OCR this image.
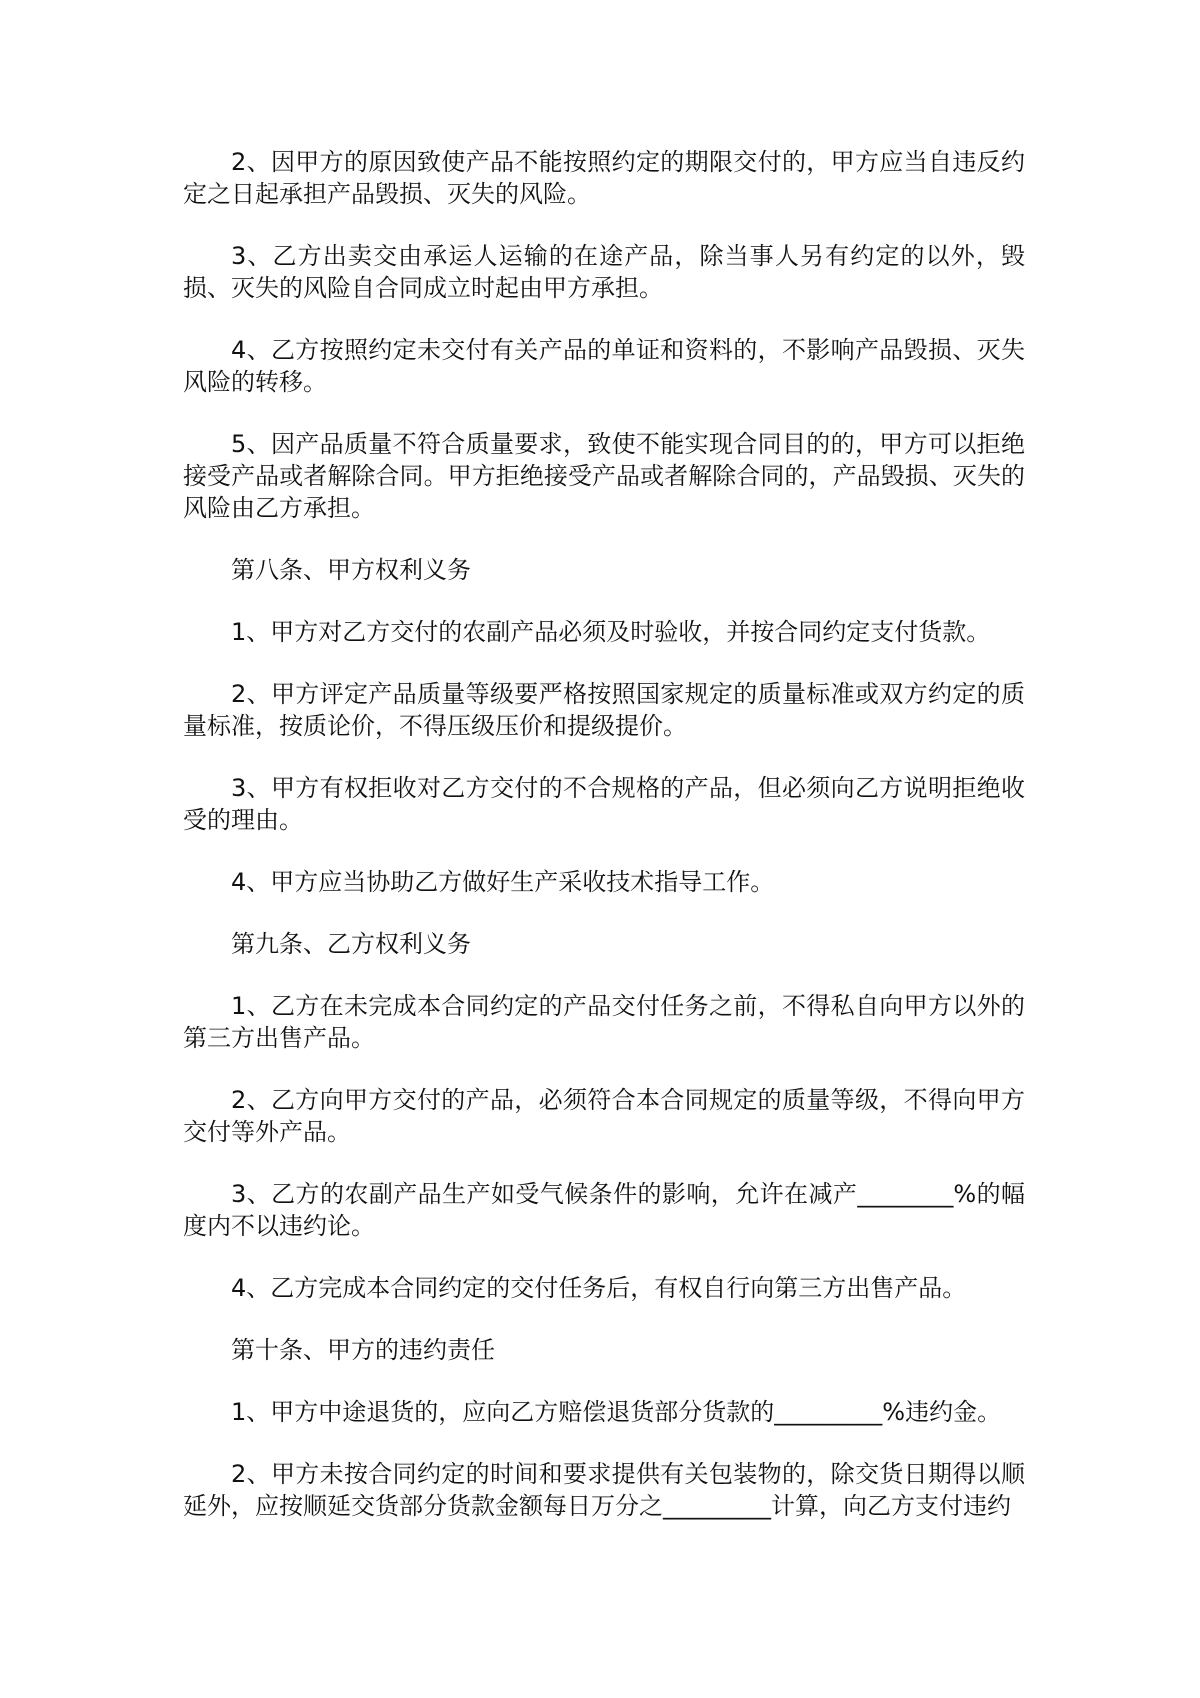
2、因甲方的原因致使产品不能按照约定的期限交付的，甲方应当自违反约定之日起承担产品毁损、灭失的风险。

3、乙方出卖交由承运人运输的在途产品，除当事人另有约定的以外，毁损、灭失的风险自合同成立时起由甲方承担。

4、乙方按照约定未交付有关产品的单证和资料的，不影响产品毁损、灭失风险的转移。

5、因产品质量不符合质量要求，致使不能实现合同目的的，甲方可以拒绝接受产品或者解除合同。甲方拒绝接受产品或者解除合同的，产品毁损、灭失的风险由乙方承担。

第八条、甲方权利义务

1、甲方对乙方交付的农副产品必须及时验收，并按合同约定支付货款。

2、甲方评定产品质量等级要严格按照国家规定的质量标准或双方约定的质量标准，按质论价，不得压级压价和提级提价。

3、甲方有权拒收对乙方交付的不合规格的产品，但必须向乙方说明拒绝收受的理由。

4、甲方应当协助乙方做好生产采收技术指导工作。

第九条、乙方权利义务

1、乙方在未完成本合同约定的产品交付任务之前，不得私自向甲方以外的第三方出售产品。

2、乙方向甲方交付的产品，必须符合本合同规定的质量等级，不得向甲方交付等外产品。

3、乙方的农副产品生产如受气候条件的影响，允许在减产________%的幅度内不以违约论。

4、乙方完成本合同约定的交付任务后，有权自行向第三方出售产品。

第十条、甲方的违约责任

1、甲方中途退货的，应向乙方赔偿退货部分货款的_________%违约金。

2、甲方未按合同约定的时间和要求提供有关包装物的，除交货日期得以顺延外，应按顺延交货部分货款金额每日万分之_________计算，向乙方支付违约
